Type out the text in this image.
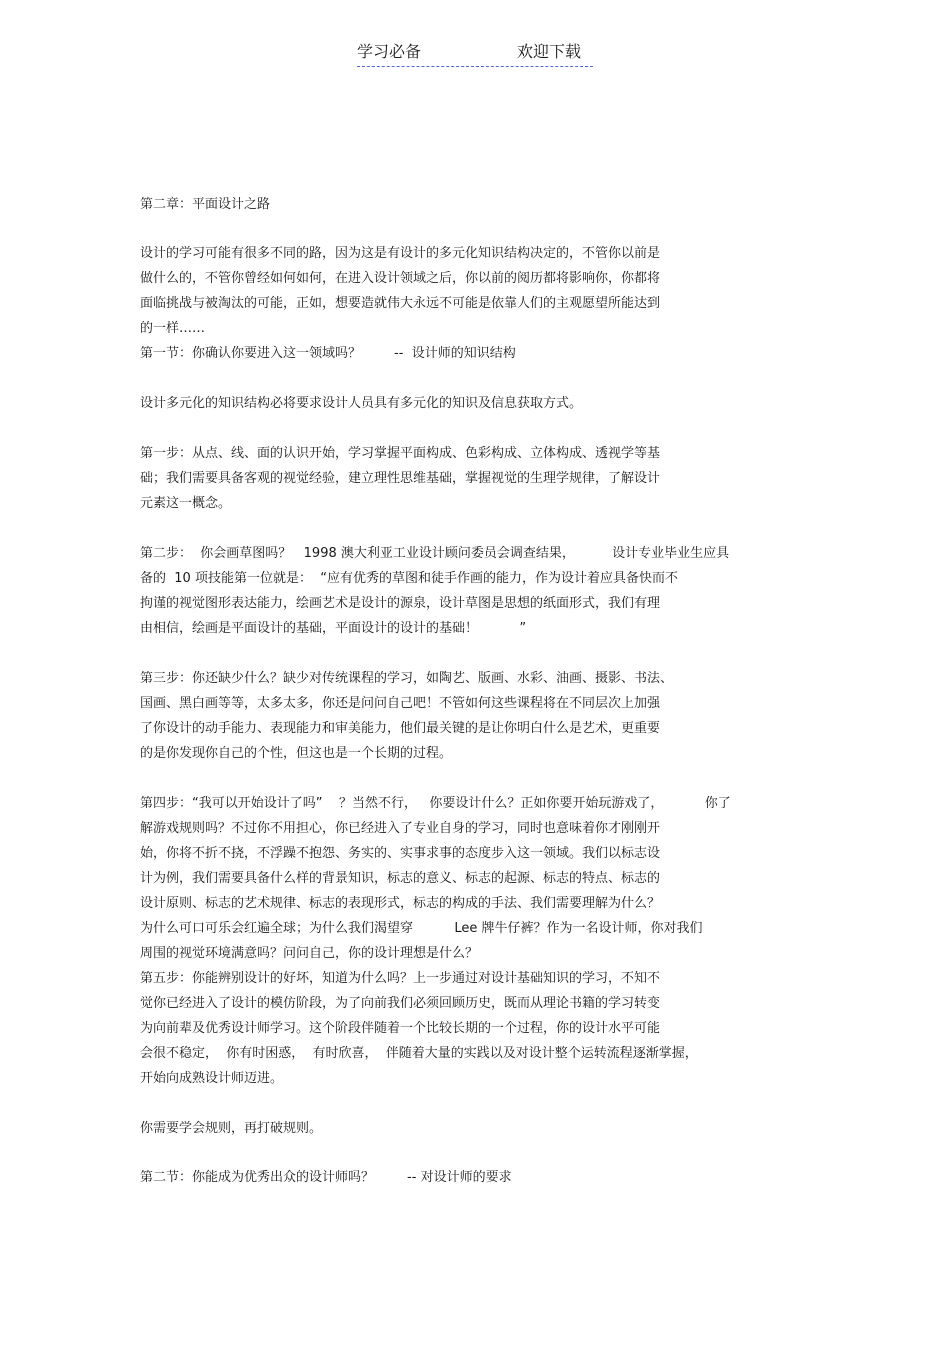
学习必备	欢迎下载
第二章：平面设计之路
设计的学习可能有很多不同的路，因为这是有设计的多元化知识结构决定的，不管你以前是
做什么的，不管你曾经如何如何，在进入设计领域之后，你以前的阅历都将影响你，你都将
面临挑战与被淘汰的可能，正如，想要造就伟大永远不可能是依靠人们的主观愿望所能达到
的一样……
第一节：你确认你要进入这一领域吗？        --  设计师的知识结构
设计多元化的知识结构必将要求设计人员具有多元化的知识及信息获取方式。
第一步：从点、线、面的认识开始，学习掌握平面构成、色彩构成、立体构成、透视学等基
础；我们需要具备客观的视觉经验，建立理性思维基础，掌握视觉的生理学规律，了解设计
元素这一概念。
第二步：  你会画草图吗？   1998 澳大利亚工业设计顾问委员会调查结果，         设计专业毕业生应具
备的  10 项技能第一位就是：  “应有优秀的草图和徒手作画的能力，作为设计着应具备快而不
拘谨的视觉图形表达能力，绘画艺术是设计的源泉，设计草图是思想的纸面形式，我们有理
由相信，绘画是平面设计的基础，平面设计的设计的基础！          ”
第三步：你还缺少什么？缺少对传统课程的学习，如陶艺、版画、水彩、油画、摄影、书法、
国画、黑白画等等，太多太多，你还是问问自己吧！不管如何这些课程将在不同层次上加强
了你设计的动手能力、表现能力和审美能力，他们最关键的是让你明白什么是艺术，更重要
的是你发现你自己的个性，但这也是一个长期的过程。
第四步：“我可以开始设计了吗”    ？当然不行，   你要设计什么？正如你要开始玩游戏了，          你了
解游戏规则吗？不过你不用担心，你已经进入了专业自身的学习，同时也意味着你才刚刚开
始，你将不折不挠，不浮躁不抱怨、务实的、实事求事的态度步入这一领域。我们以标志设
计为例，我们需要具备什么样的背景知识，标志的意义、标志的起源、标志的特点、标志的
设计原则、标志的艺术规律、标志的表现形式，标志的构成的手法、我们需要理解为什么？
为什么可口可乐会红遍全球；为什么我们渴望穿          Lee 牌牛仔裤？作为一名设计师，你对我们
周围的视觉环境满意吗？问问自己，你的设计理想是什么？
第五步：你能辨别设计的好坏，知道为什么吗？上一步通过对设计基础知识的学习，不知不
觉你已经进入了设计的模仿阶段，为了向前我们必须回顾历史，既而从理论书籍的学习转变
为向前辈及优秀设计师学习。这个阶段伴随着一个比较长期的一个过程，你的设计水平可能
会很不稳定，  你有时困惑，  有时欣喜，  伴随着大量的实践以及对设计整个运转流程逐渐掌握，
开始向成熟设计师迈进。
你需要学会规则，再打破规则。
第二节：你能成为优秀出众的设计师吗？        -- 对设计师的要求
